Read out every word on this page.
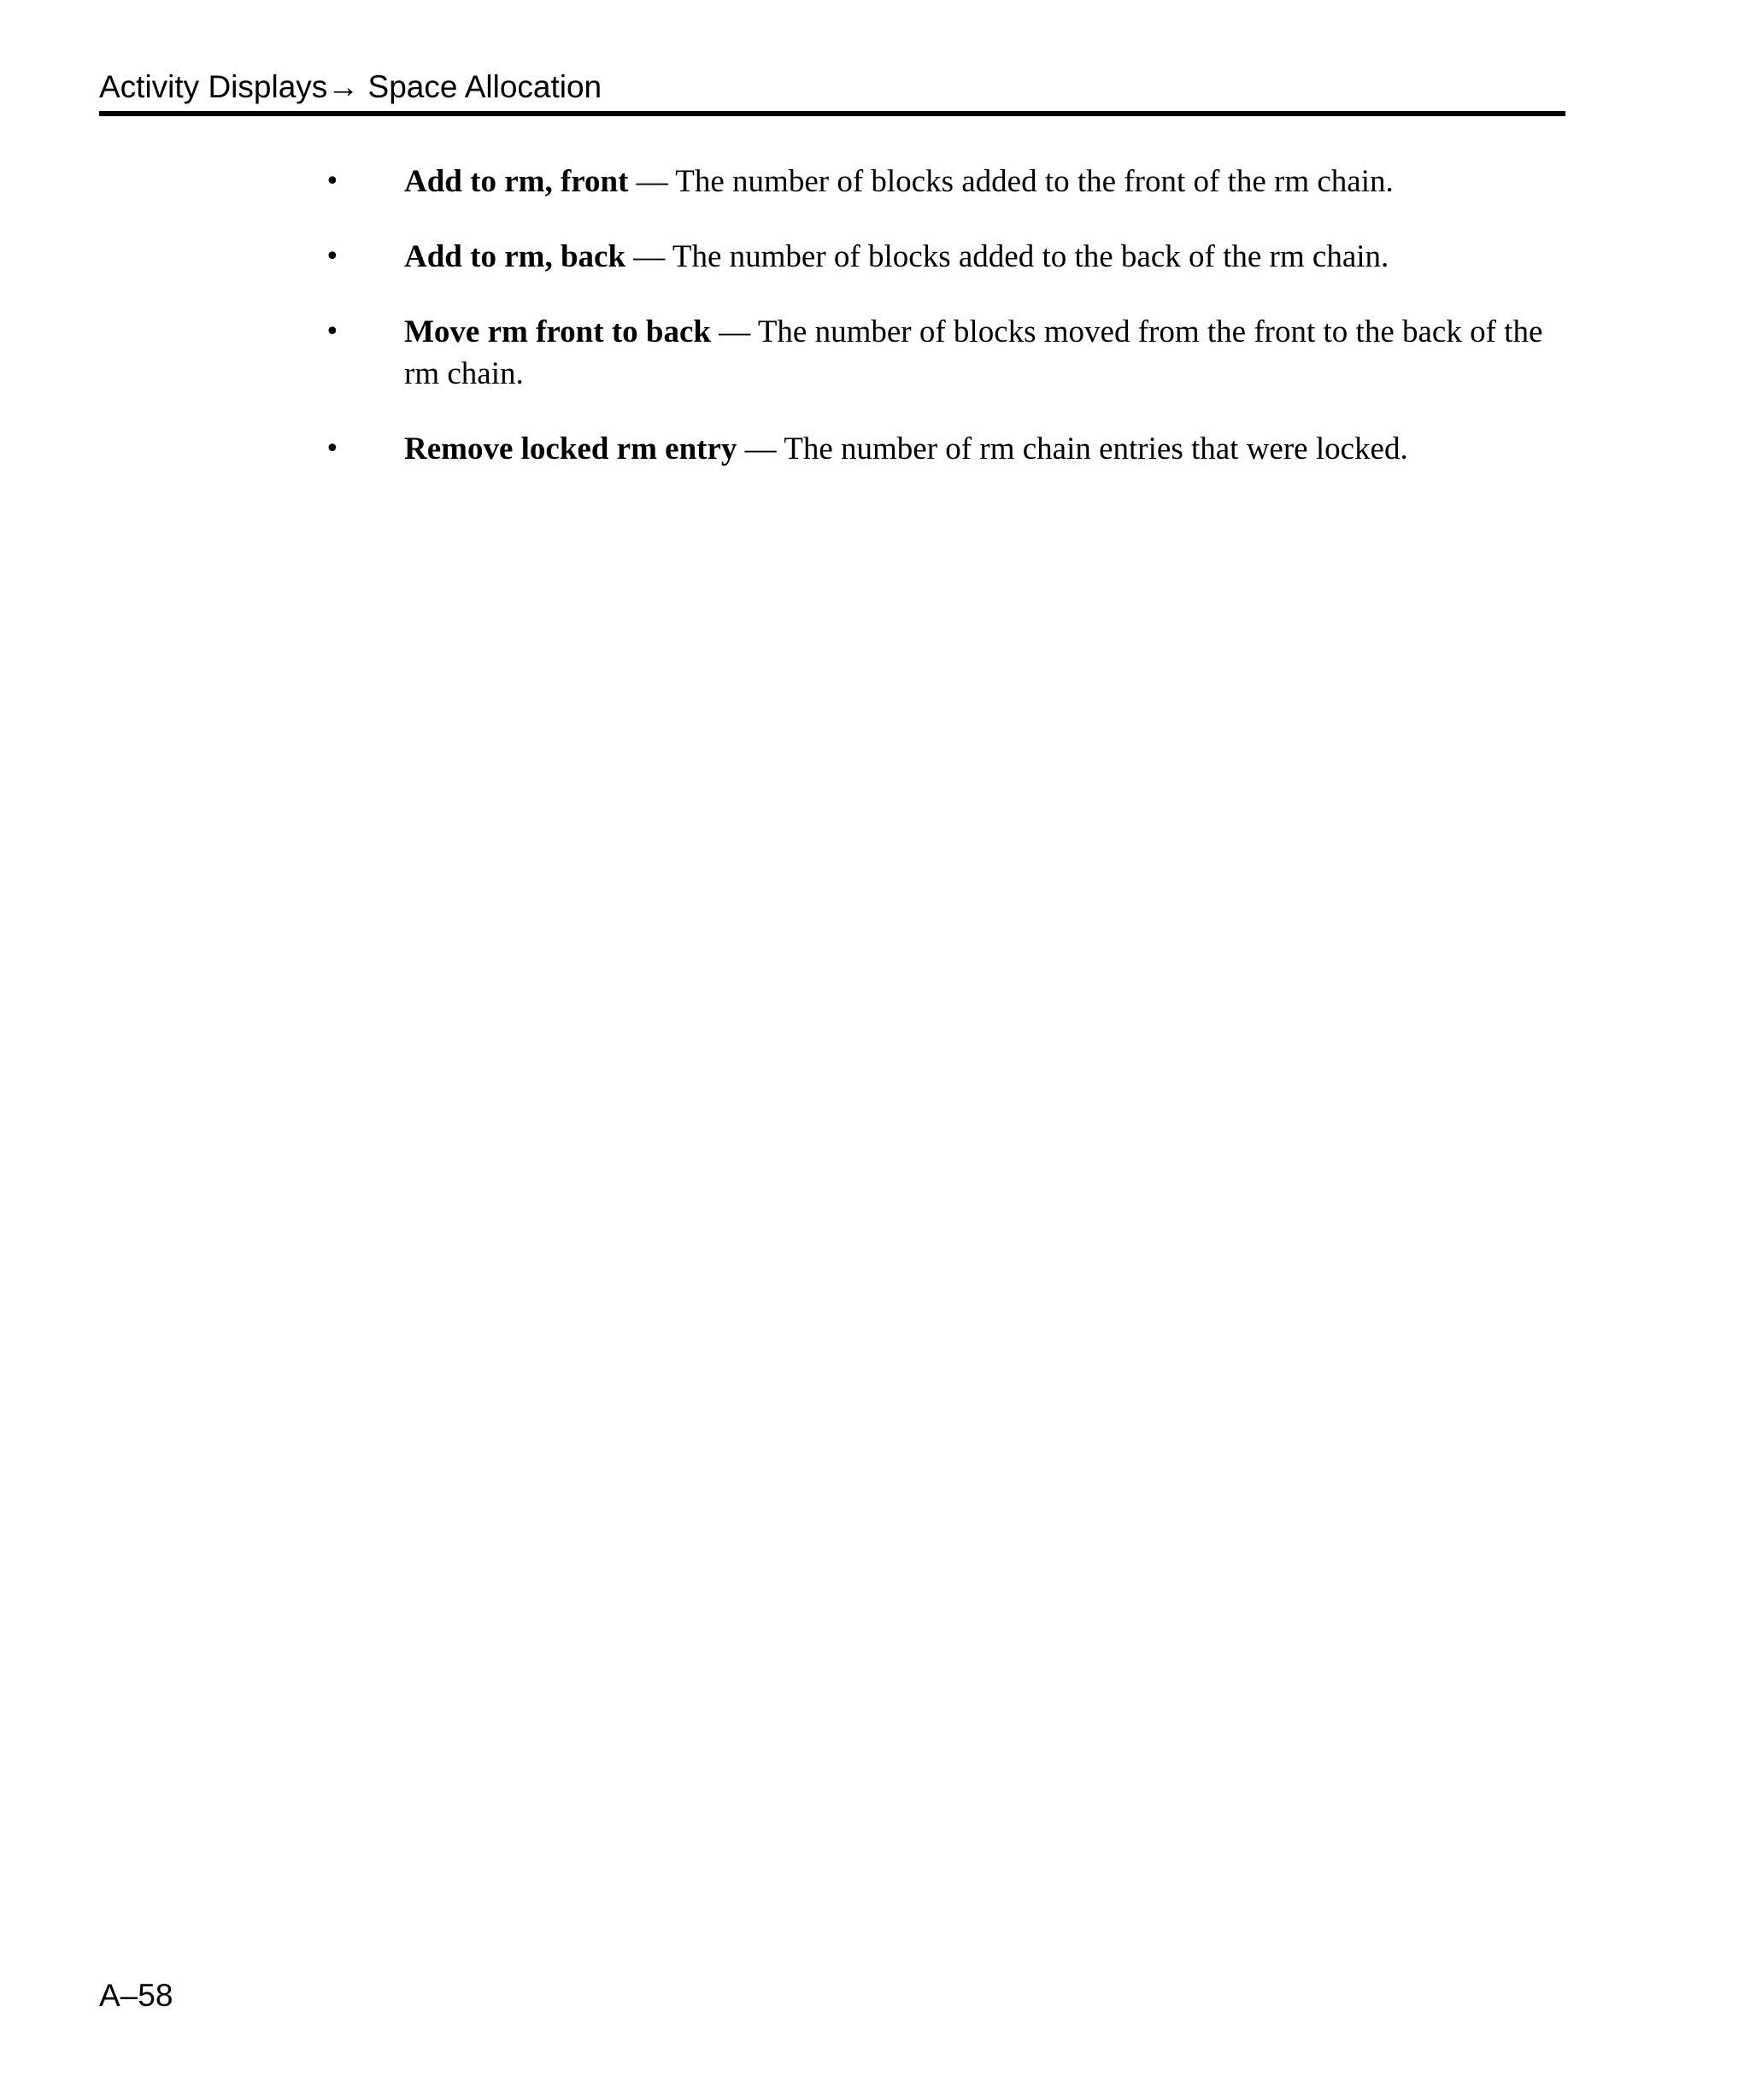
Activity Displays→ Space Allocation
•	Add to rm, front — The number of blocks added to the front of the rm chain.
•	Add to rm, back — The number of blocks added to the back of the rm chain.
•	Move rm front to back — The number of blocks moved from the front to the back of the rm chain.
•	Remove locked rm entry — The number of rm chain entries that were locked.
A–58
